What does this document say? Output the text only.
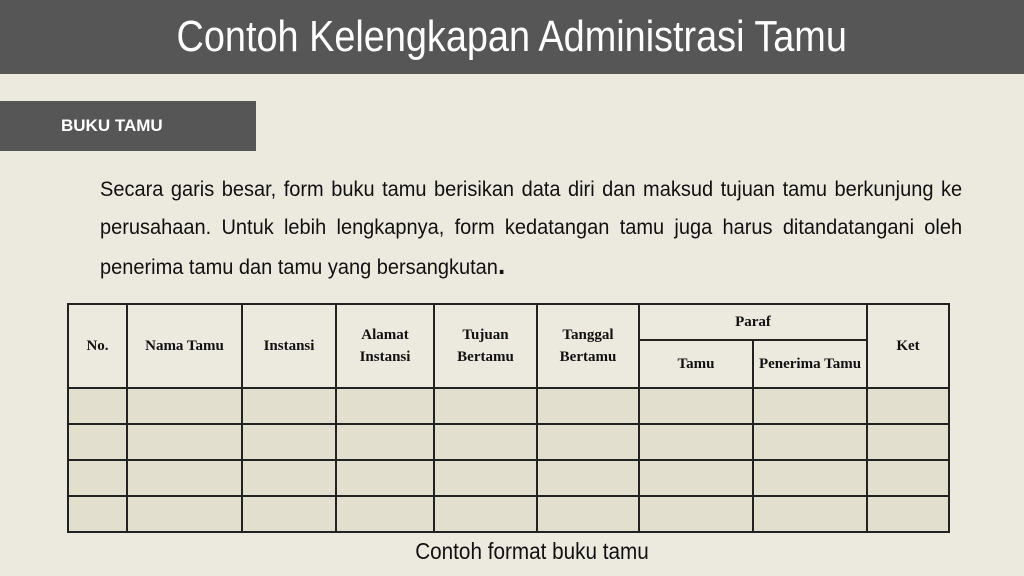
Contoh Kelengkapan Administrasi Tamu
BUKU TAMU
Secara garis besar, form buku tamu berisikan data diri dan maksud tujuan tamu berkunjung ke perusahaan. Untuk lebih lengkapnya, form kedatangan tamu juga harus ditandatangani oleh penerima tamu dan tamu yang bersangkutan.
No.	Nama Tamu	Instansi	Alamat Instansi	Tujuan Bertamu	Tanggal Bertamu	Paraf		Ket
						Tamu	Penerima Tamu	

Contoh format buku tamu
